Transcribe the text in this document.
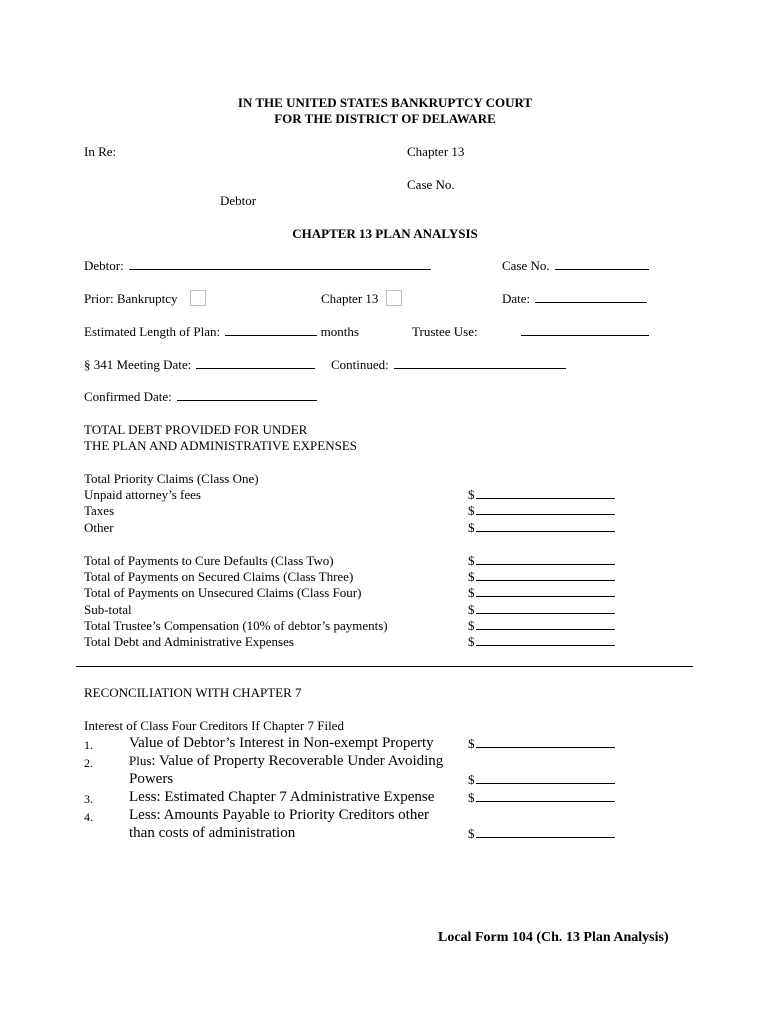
IN THE UNITED STATES BANKRUPTCY COURT
FOR THE DISTRICT OF DELAWARE
In Re:	Chapter 13
Case No.
Debtor
CHAPTER 13 PLAN ANALYSIS
Debtor:	Case No.
Prior: Bankruptcy	Chapter 13	Date:
Estimated Length of Plan:	months	Trustee Use:
§ 341 Meeting Date:	Continued:
Confirmed Date:
TOTAL DEBT PROVIDED FOR UNDER
THE PLAN AND ADMINISTRATIVE EXPENSES
Total Priority Claims (Class One)
Unpaid attorney’s fees	$
Taxes	$
Other	$
Total of Payments to Cure Defaults (Class Two)	$
Total of Payments on Secured Claims (Class Three)	$
Total of Payments on Unsecured Claims (Class Four)	$
Sub-total	$
Total Trustee’s Compensation (10% of debtor’s payments)	$
Total Debt and Administrative Expenses	$
RECONCILIATION WITH CHAPTER 7
Interest of Class Four Creditors If Chapter 7 Filed
1. Value of Debtor’s Interest in Non-exempt Property	$
2.	Plus: Value of Property Recoverable Under Avoiding
Powers	$
3. Less: Estimated Chapter 7 Administrative Expense	$
4. Less: Amounts Payable to Priority Creditors other
than costs of administration	$
Local Form 104 (Ch. 13 Plan Analysis)
